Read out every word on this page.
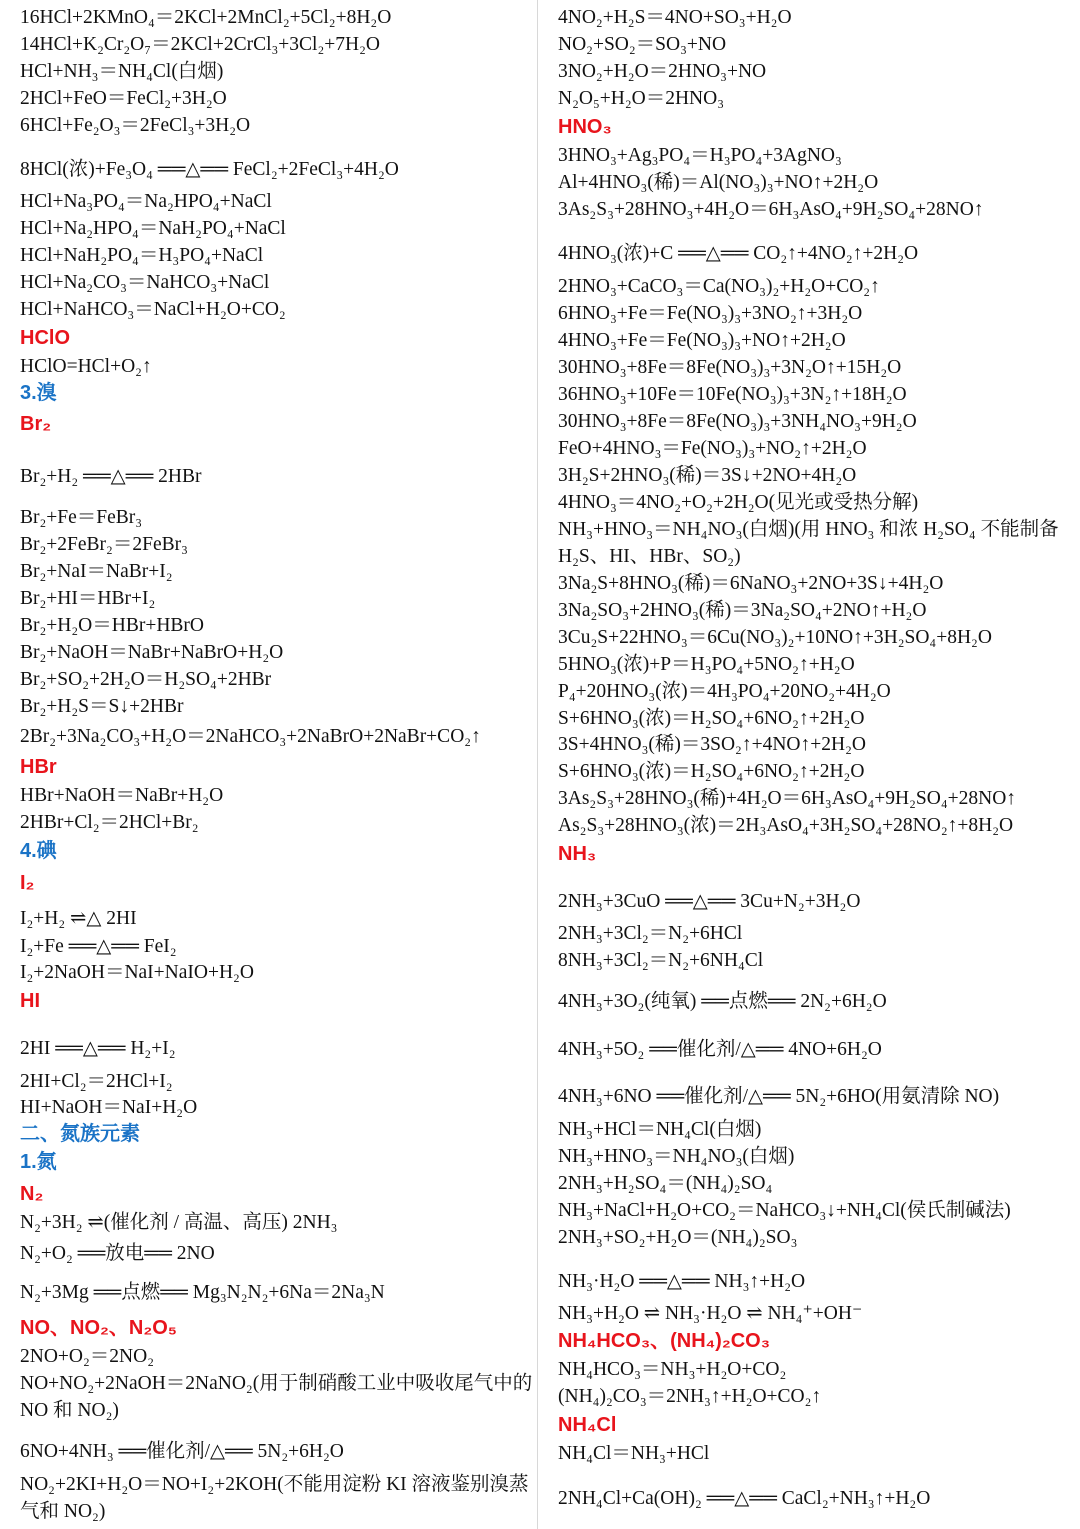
16HCl+2KMnO₄＝2KCl+2MnCl₂+5Cl₂+8H₂O
14HCl+K₂Cr₂O₇＝2KCl+2CrCl₃+3Cl₂+7H₂O
HCl+NH₃＝NH₄Cl(白烟)
2HCl+FeO＝FeCl₂+3H₂O
6HCl+Fe₂O₃＝2FeCl₃+3H₂O
8HCl(浓)+Fe₃O₄ ══△══ FeCl₂+2FeCl₃+4H₂O
HCl+Na₃PO₄＝Na₂HPO₄+NaCl
HCl+Na₂HPO₄＝NaH₂PO₄+NaCl
HCl+NaH₂PO₄＝H₃PO₄+NaCl
HCl+Na₂CO₃＝NaHCO₃+NaCl
HCl+NaHCO₃＝NaCl+H₂O+CO₂
HClO
HClO=HCl+O₂↑
3.溴
Br₂
Br₂+H₂ ══△══ 2HBr
Br₂+Fe＝FeBr₃
Br₂+2FeBr₂＝2FeBr₃
Br₂+NaI＝NaBr+I₂
Br₂+HI＝HBr+I₂
Br₂+H₂O＝HBr+HBrO
Br₂+NaOH＝NaBr+NaBrO+H₂O
Br₂+SO₂+2H₂O＝H₂SO₄+2HBr
Br₂+H₂S＝S↓+2HBr
2Br₂+3Na₂CO₃+H₂O＝2NaHCO₃+2NaBrO+2NaBr+CO₂↑
HBr
HBr+NaOH＝NaBr+H₂O
2HBr+Cl₂＝2HCl+Br₂
4.碘
I₂
I₂+H₂ ⇌△ 2HI
I₂+Fe ══△══ FeI₂
I₂+2NaOH＝NaI+NaIO+H₂O
HI
2HI ══△══ H₂+I₂
2HI+Cl₂＝2HCl+I₂
HI+NaOH＝NaI+H₂O
二、氮族元素
1.氮
N₂
N₂+3H₂ ⇌(催化剂 / 高温、高压) 2NH₃
N₂+O₂ ══放电══ 2NO
N₂+3Mg ══点燃══ Mg₃N₂N₂+6Na＝2Na₃N
NO、NO₂、N₂O₅
2NO+O₂＝2NO₂
NO+NO₂+2NaOH＝2NaNO₂(用于制硝酸工业中吸收尾气中的 NO 和 NO₂)
6NO+4NH₃ ══催化剂/△══ 5N₂+6H₂O
NO₂+2KI+H₂O＝NO+I₂+2KOH(不能用淀粉 KI 溶液鉴别溴蒸气和 NO₂)
4NO₂+H₂S＝4NO+SO₃+H₂O
NO₂+SO₂＝SO₃+NO
3NO₂+H₂O＝2HNO₃+NO
N₂O₅+H₂O＝2HNO₃
HNO₃
3HNO₃+Ag₃PO₄＝H₃PO₄+3AgNO₃
Al+4HNO₃(稀)＝Al(NO₃)₃+NO↑+2H₂O
3As₂S₃+28HNO₃+4H₂O＝6H₃AsO₄+9H₂SO₄+28NO↑
4HNO₃(浓)+C ══△══ CO₂↑+4NO₂↑+2H₂O
2HNO₃+CaCO₃＝Ca(NO₃)₂+H₂O+CO₂↑
6HNO₃+Fe＝Fe(NO₃)₃+3NO₂↑+3H₂O
4HNO₃+Fe＝Fe(NO₃)₃+NO↑+2H₂O
30HNO₃+8Fe＝8Fe(NO₃)₃+3N₂O↑+15H₂O
36HNO₃+10Fe＝10Fe(NO₃)₃+3N₂↑+18H₂O
30HNO₃+8Fe＝8Fe(NO₃)₃+3NH₄NO₃+9H₂O
FeO+4HNO₃＝Fe(NO₃)₃+NO₂↑+2H₂O
3H₂S+2HNO₃(稀)＝3S↓+2NO+4H₂O
4HNO₃＝4NO₂+O₂+2H₂O(见光或受热分解)
NH₃+HNO₃＝NH₄NO₃(白烟)(用 HNO₃ 和浓 H₂SO₄ 不能制备 H₂S、HI、HBr、SO₂)
3Na₂S+8HNO₃(稀)＝6NaNO₃+2NO+3S↓+4H₂O
3Na₂SO₃+2HNO₃(稀)＝3Na₂SO₄+2NO↑+H₂O
3Cu₂S+22HNO₃＝6Cu(NO₃)₂+10NO↑+3H₂SO₄+8H₂O
5HNO₃(浓)+P＝H₃PO₄+5NO₂↑+H₂O
P₄+20HNO₃(浓)＝4H₃PO₄+20NO₂+4H₂O
S+6HNO₃(浓)＝H₂SO₄+6NO₂↑+2H₂O
3S+4HNO₃(稀)＝3SO₂↑+4NO↑+2H₂O
S+6HNO₃(浓)＝H₂SO₄+6NO₂↑+2H₂O
3As₂S₃+28HNO₃(稀)+4H₂O＝6H₃AsO₄+9H₂SO₄+28NO↑
As₂S₃+28HNO₃(浓)＝2H₃AsO₄+3H₂SO₄+28NO₂↑+8H₂O
NH₃
2NH₃+3CuO ══△══ 3Cu+N₂+3H₂O
2NH₃+3Cl₂＝N₂+6HCl
8NH₃+3Cl₂＝N₂+6NH₄Cl
4NH₃+3O₂(纯氧) ══点燃══ 2N₂+6H₂O
4NH₃+5O₂ ══催化剂/△══ 4NO+6H₂O
4NH₃+6NO ══催化剂/△══ 5N₂+6HO(用氨清除 NO)
NH₃+HCl＝NH₄Cl(白烟)
NH₃+HNO₃＝NH₄NO₃(白烟)
2NH₃+H₂SO₄＝(NH₄)₂SO₄
NH₃+NaCl+H₂O+CO₂＝NaHCO₃↓+NH₄Cl(侯氏制碱法)
2NH₃+SO₂+H₂O＝(NH₄)₂SO₃
NH₃·H₂O ══△══ NH₃↑+H₂O
NH₃+H₂O ⇌ NH₃·H₂O ⇌ NH₄⁺+OH⁻
NH₄HCO₃、(NH₄)₂CO₃
NH₄HCO₃＝NH₃+H₂O+CO₂
(NH₄)₂CO₃＝2NH₃↑+H₂O+CO₂↑
NH₄Cl
NH₄Cl＝NH₃+HCl
2NH₄Cl+Ca(OH)₂ ══△══ CaCl₂+NH₃↑+H₂O
